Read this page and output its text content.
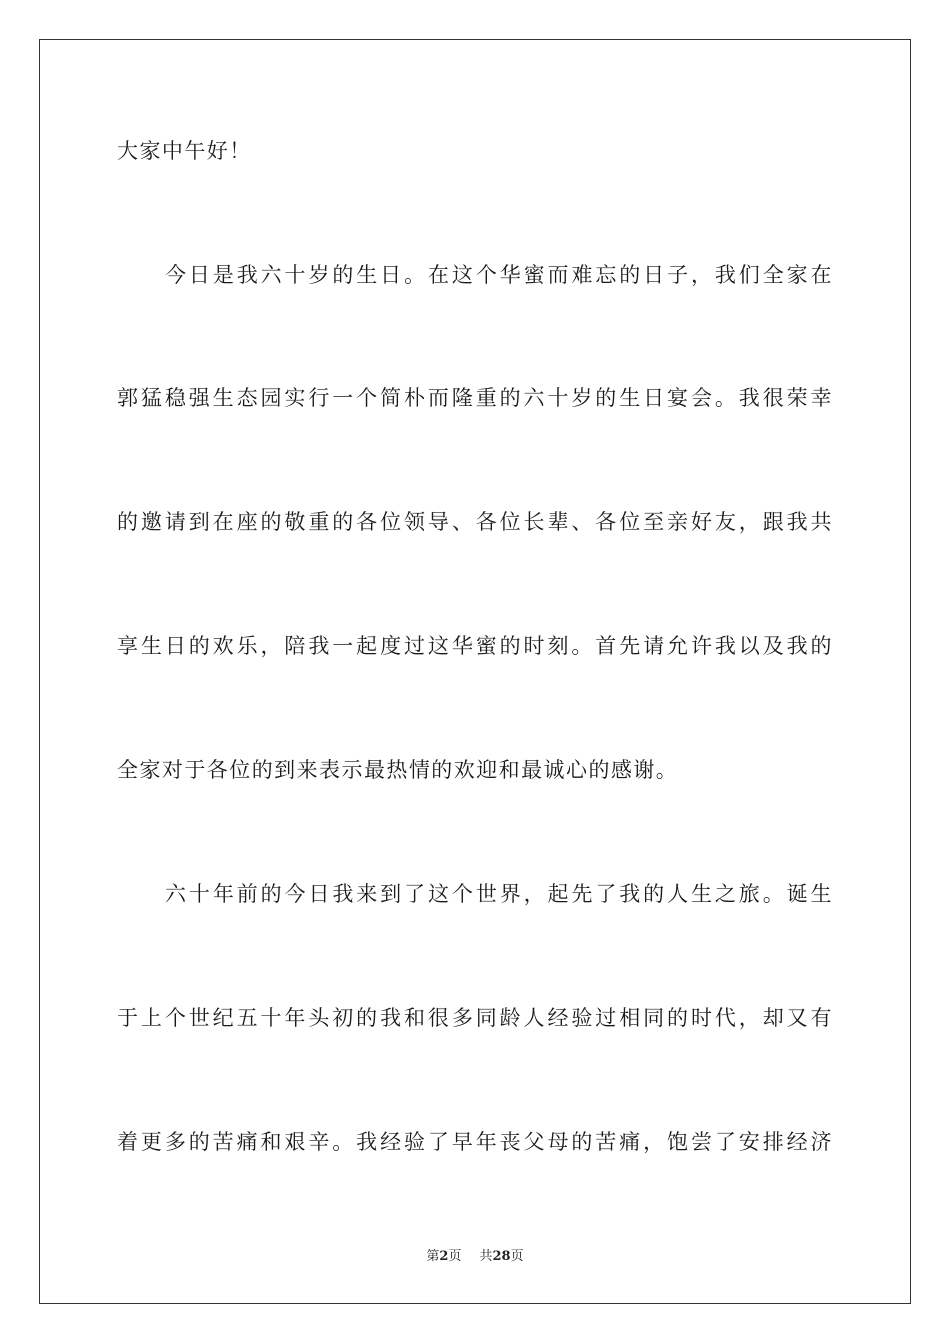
大家中午好！
今日是我六十岁的生日。在这个华蜜而难忘的日子，我们全家在
郭猛稳强生态园实行一个简朴而隆重的六十岁的生日宴会。我很荣幸
的邀请到在座的敬重的各位领导、各位长辈、各位至亲好友，跟我共
享生日的欢乐，陪我一起度过这华蜜的时刻。首先请允许我以及我的
全家对于各位的到来表示最热情的欢迎和最诚心的感谢。
六十年前的今日我来到了这个世界，起先了我的人生之旅。诞生
于上个世纪五十年头初的我和很多同龄人经验过相同的时代，却又有
着更多的苦痛和艰辛。我经验了早年丧父母的苦痛，饱尝了安排经济
第2页 共28页
